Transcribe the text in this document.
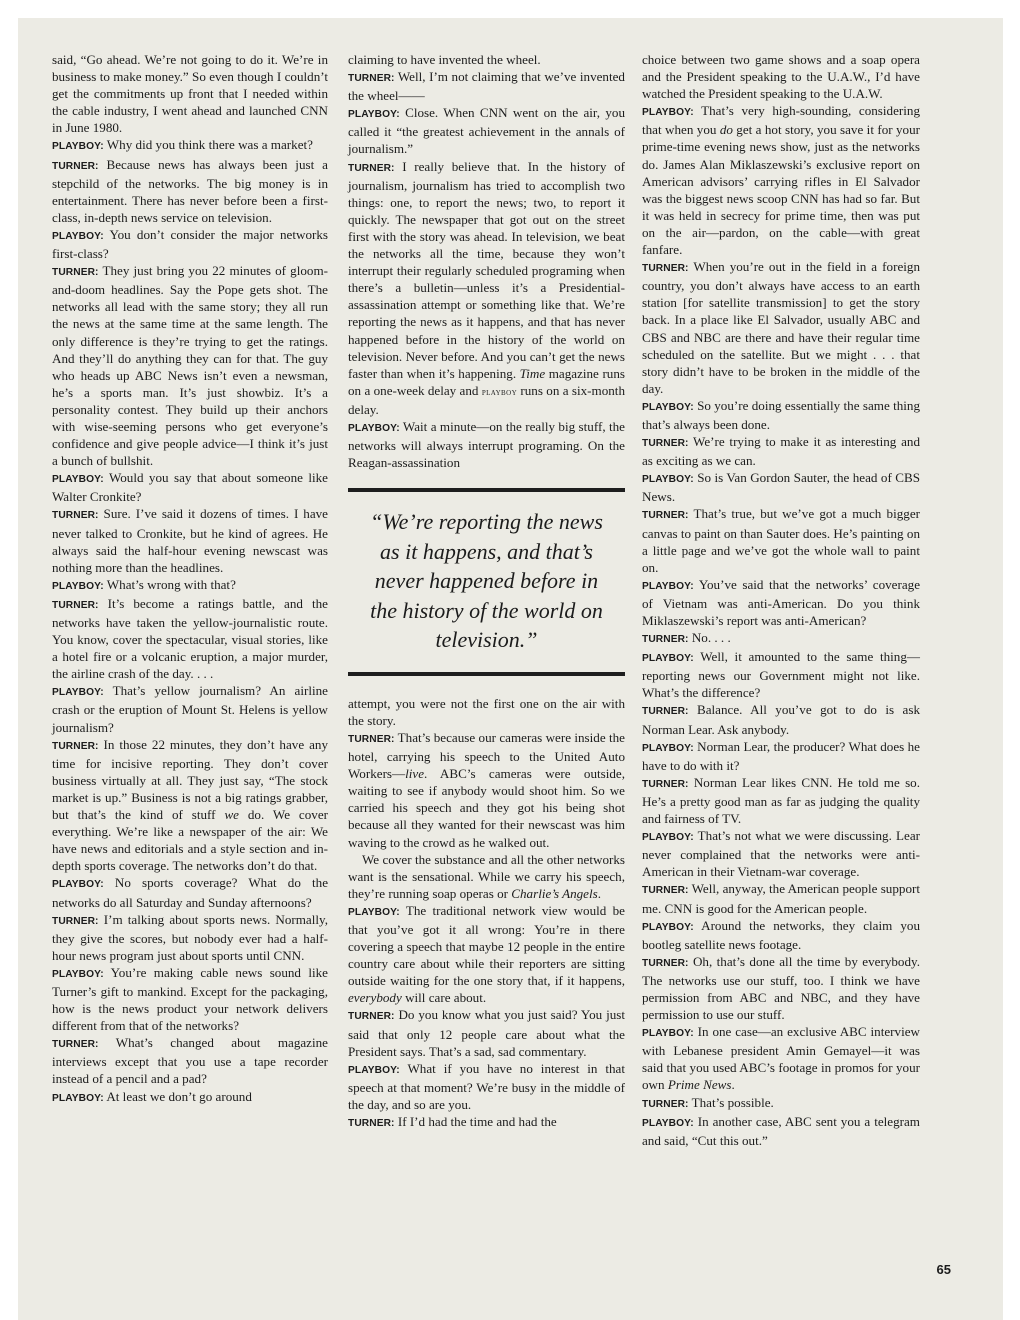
said, “Go ahead. We’re not going to do it. We’re in business to make money.” So even though I couldn’t get the commitments up front that I needed within the cable industry, I went ahead and launched CNN in June 1980.

PLAYBOY: Why did you think there was a market?

TURNER: Because news has always been just a stepchild of the networks. The big money is in entertainment. There has never before been a first-class, in-depth news service on television.

PLAYBOY: You don’t consider the major networks first-class?

TURNER: They just bring you 22 minutes of gloom-and-doom headlines. Say the Pope gets shot. The networks all lead with the same story; they all run the news at the same time at the same length. The only difference is they’re trying to get the ratings. And they’ll do anything they can for that. The guy who heads up ABC News isn’t even a newsman, he’s a sports man. It’s just showbiz. It’s a personality contest. They build up their anchors with wise-seeming persons who get everyone’s confidence and give people advice—I think it’s just a bunch of bullshit.

PLAYBOY: Would you say that about someone like Walter Cronkite?

TURNER: Sure. I’ve said it dozens of times. I have never talked to Cronkite, but he kind of agrees. He always said the half-hour evening newscast was nothing more than the headlines.

PLAYBOY: What’s wrong with that?

TURNER: It’s become a ratings battle, and the networks have taken the yellow-journalistic route. You know, cover the spectacular, visual stories, like a hotel fire or a volcanic eruption, a major murder, the airline crash of the day. . . .

PLAYBOY: That’s yellow journalism? An airline crash or the eruption of Mount St. Helens is yellow journalism?

TURNER: In those 22 minutes, they don’t have any time for incisive reporting. They don’t cover business virtually at all. They just say, “The stock market is up.” Business is not a big ratings grabber, but that’s the kind of stuff we do. We cover everything. We’re like a newspaper of the air: We have news and editorials and a style section and in-depth sports coverage. The networks don’t do that.

PLAYBOY: No sports coverage? What do the networks do all Saturday and Sunday afternoons?

TURNER: I’m talking about sports news. Normally, they give the scores, but nobody ever had a half-hour news program just about sports until CNN.

PLAYBOY: You’re making cable news sound like Turner’s gift to mankind. Except for the packaging, how is the news product your network delivers different from that of the networks?

TURNER: What’s changed about magazine interviews except that you use a tape recorder instead of a pencil and a pad?

PLAYBOY: At least we don’t go around

claiming to have invented the wheel.

TURNER: Well, I’m not claiming that we’ve invented the wheel——

PLAYBOY: Close. When CNN went on the air, you called it “the greatest achievement in the annals of journalism.”

TURNER: I really believe that. In the history of journalism, journalism has tried to accomplish two things: one, to report the news; two, to report it quickly. The newspaper that got out on the street first with the story was ahead. In television, we beat the networks all the time, because they won’t interrupt their regularly scheduled programing when there’s a bulletin—unless it’s a Presidential-assassination attempt or something like that. We’re reporting the news as it happens, and that has never happened before in the history of the world on television. Never before. And you can’t get the news faster than when it’s happening. Time magazine runs on a one-week delay and playboy runs on a six-month delay.

PLAYBOY: Wait a minute—on the really big stuff, the networks will always interrupt programing. On the Reagan-assassination

“We’re reporting the news as it happens, and that’s never happened before in the history of the world on television.”

attempt, you were not the first one on the air with the story.

TURNER: That’s because our cameras were inside the hotel, carrying his speech to the United Auto Workers—live. ABC’s cameras were outside, waiting to see if anybody would shoot him. So we carried his speech and they got his being shot because all they wanted for their newscast was him waving to the crowd as he walked out.

We cover the substance and all the other networks want is the sensational. While we carry his speech, they’re running soap operas or Charlie’s Angels.

PLAYBOY: The traditional network view would be that you’ve got it all wrong: You’re in there covering a speech that maybe 12 people in the entire country care about while their reporters are sitting outside waiting for the one story that, if it happens, everybody will care about.

TURNER: Do you know what you just said? You just said that only 12 people care about what the President says. That’s a sad, sad commentary.

PLAYBOY: What if you have no interest in that speech at that moment? We’re busy in the middle of the day, and so are you.

TURNER: If I’d had the time and had the

choice between two game shows and a soap opera and the President speaking to the U.A.W., I’d have watched the President speaking to the U.A.W.

PLAYBOY: That’s very high-sounding, considering that when you do get a hot story, you save it for your prime-time evening news show, just as the networks do. James Alan Miklaszewski’s exclusive report on American advisors’ carrying rifles in El Salvador was the biggest news scoop CNN has had so far. But it was held in secrecy for prime time, then was put on the air—pardon, on the cable—with great fanfare.

TURNER: When you’re out in the field in a foreign country, you don’t always have access to an earth station [for satellite transmission] to get the story back. In a place like El Salvador, usually ABC and CBS and NBC are there and have their regular time scheduled on the satellite. But we might . . . that story didn’t have to be broken in the middle of the day.

PLAYBOY: So you’re doing essentially the same thing that’s always been done.

TURNER: We’re trying to make it as interesting and as exciting as we can.

PLAYBOY: So is Van Gordon Sauter, the head of CBS News.

TURNER: That’s true, but we’ve got a much bigger canvas to paint on than Sauter does. He’s painting on a little page and we’ve got the whole wall to paint on.

PLAYBOY: You’ve said that the networks’ coverage of Vietnam was anti-American. Do you think Miklaszewski’s report was anti-American?

TURNER: No. . . .

PLAYBOY: Well, it amounted to the same thing—reporting news our Government might not like. What’s the difference?

TURNER: Balance. All you’ve got to do is ask Norman Lear. Ask anybody.

PLAYBOY: Norman Lear, the producer? What does he have to do with it?

TURNER: Norman Lear likes CNN. He told me so. He’s a pretty good man as far as judging the quality and fairness of TV.

PLAYBOY: That’s not what we were discussing. Lear never complained that the networks were anti-American in their Vietnam-war coverage.

TURNER: Well, anyway, the American people support me. CNN is good for the American people.

PLAYBOY: Around the networks, they claim you bootleg satellite news footage.

TURNER: Oh, that’s done all the time by everybody. The networks use our stuff, too. I think we have permission from ABC and NBC, and they have permission to use our stuff.

PLAYBOY: In one case—an exclusive ABC interview with Lebanese president Amin Gemayel—it was said that you used ABC’s footage in promos for your own Prime News.

TURNER: That’s possible.

PLAYBOY: In another case, ABC sent you a telegram and said, “Cut this out.”

65
